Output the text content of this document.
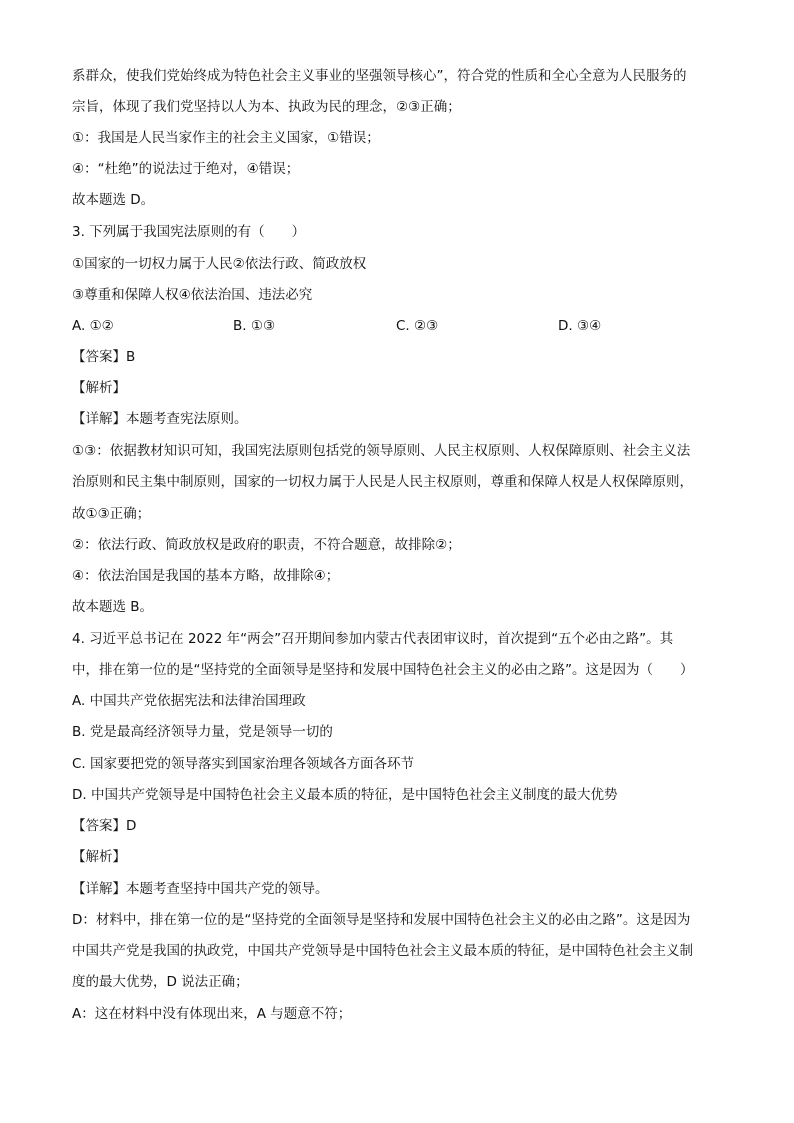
系群众，使我们党始终成为特色社会主义事业的坚强领导核心”，符合党的性质和全心全意为人民服务的
宗旨，体现了我们党坚持以人为本、执政为民的理念，②③正确；
①：我国是人民当家作主的社会主义国家，①错误；
④：“杜绝”的说法过于绝对，④错误；
故本题选 D。
3. 下列属于我国宪法原则的有（　　）
①国家的一切权力属于人民②依法行政、简政放权
③尊重和保障人权④依法治国、违法必究
A. ①②	B. ①③	C. ②③	D. ③④
【答案】B
【解析】
【详解】本题考查宪法原则。
①③：依据教材知识可知，我国宪法原则包括党的领导原则、人民主权原则、人权保障原则、社会主义法
治原则和民主集中制原则，国家的一切权力属于人民是人民主权原则，尊重和保障人权是人权保障原则，
故①③正确；
②：依法行政、简政放权是政府的职责，不符合题意，故排除②；
④：依法治国是我国的基本方略，故排除④；
故本题选 B。
4. 习近平总书记在 2022 年“两会”召开期间参加内蒙古代表团审议时，首次提到“五个必由之路”。其
中，排在第一位的是“坚持党的全面领导是坚持和发展中国特色社会主义的必由之路”。这是因为（　　）
A. 中国共产党依据宪法和法律治国理政
B. 党是最高经济领导力量，党是领导一切的
C. 国家要把党的领导落实到国家治理各领域各方面各环节
D. 中国共产党领导是中国特色社会主义最本质的特征，是中国特色社会主义制度的最大优势
【答案】D
【解析】
【详解】本题考查坚持中国共产党的领导。
D：材料中，排在第一位的是“坚持党的全面领导是坚持和发展中国特色社会主义的必由之路”。这是因为
中国共产党是我国的执政党，中国共产党领导是中国特色社会主义最本质的特征，是中国特色社会主义制
度的最大优势，D 说法正确；
A：这在材料中没有体现出来，A 与题意不符；
